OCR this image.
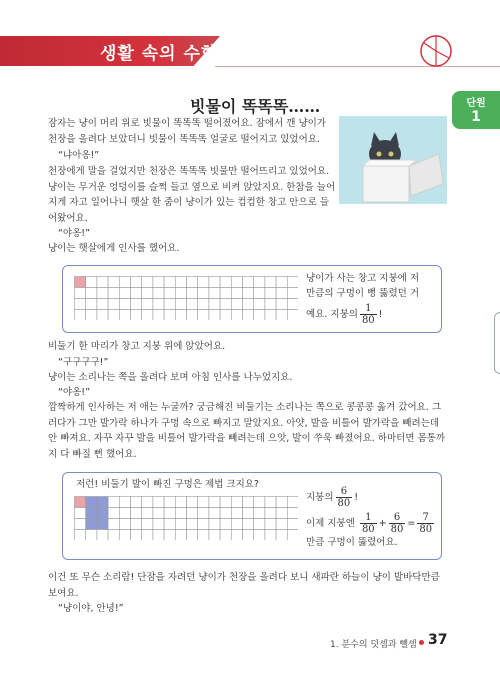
생활 속의 수학
단원
1
빗물이 똑똑똑……
잠자는 냥이 머리 위로 빗물이 똑똑똑 떨어졌어요. 잠에서 깬 냥이가 천장을 올려다 보았더니 빗물이 똑똑똑 얼굴로 떨어지고 있었어요.
“냐아옹!”
천장에게 말을 걸었지만 천장은 똑똑똑 빗물만 떨어뜨리고 있었어요. 냥이는 무거운 엉덩이를 슬쩍 들고 옆으로 비켜 앉았지요. 한참을 늘어지게 자고 일어나니 햇살 한 줌이 냥이가 있는 컴컴한 창고 안으로 들어왔어요.
“야옹!”
냥이는 햇살에게 인사를 했어요.
냥이가 사는 창고 지붕에 저
만큼의 구멍이 뻥 뚫렸던 거
예요. 지붕의 $\frac{1}{80}$ !
비둘기 한 마리가 창고 지붕 위에 앉았어요.
“구구구구!”
냥이는 소리나는 쪽을 올려다 보며 아침 인사를 나누었지요.
“야옹!”
깜짝하게 인사하는 저 애는 누굴까? 궁금해진 비둘기는 소리나는 쪽으로 콩콩콩 옮겨 갔어요. 그러다가 그만 발가락 하나가 구멍 속으로 빠지고 말았지요. 아얏, 발을 비틀어 발가락을 빼려는데 안 빠져요. 자꾸 자꾸 발을 비틀어 발가락을 빼려는데 으앗, 발이 쑤욱 빠졌어요. 하마터면 몸통까지 다 빠질 뻔 했어요.
저런! 비둘기 발이 빠진 구멍은 제법 크지요?
지붕의 $\frac{6}{80}$ !
이제 지붕엔 $\frac{1}{80} + \frac{6}{80} = \frac{7}{80}$
만큼 구멍이 뚫렸어요.
이건 또 무슨 소리람! 단잠을 자려던 냥이가 천장을 올려다 보니 새파란 하늘이 냥이 발바닥만큼 보여요.
“냥이야, 안녕!”
1. 분수의 덧셈과 뺄셈 37
